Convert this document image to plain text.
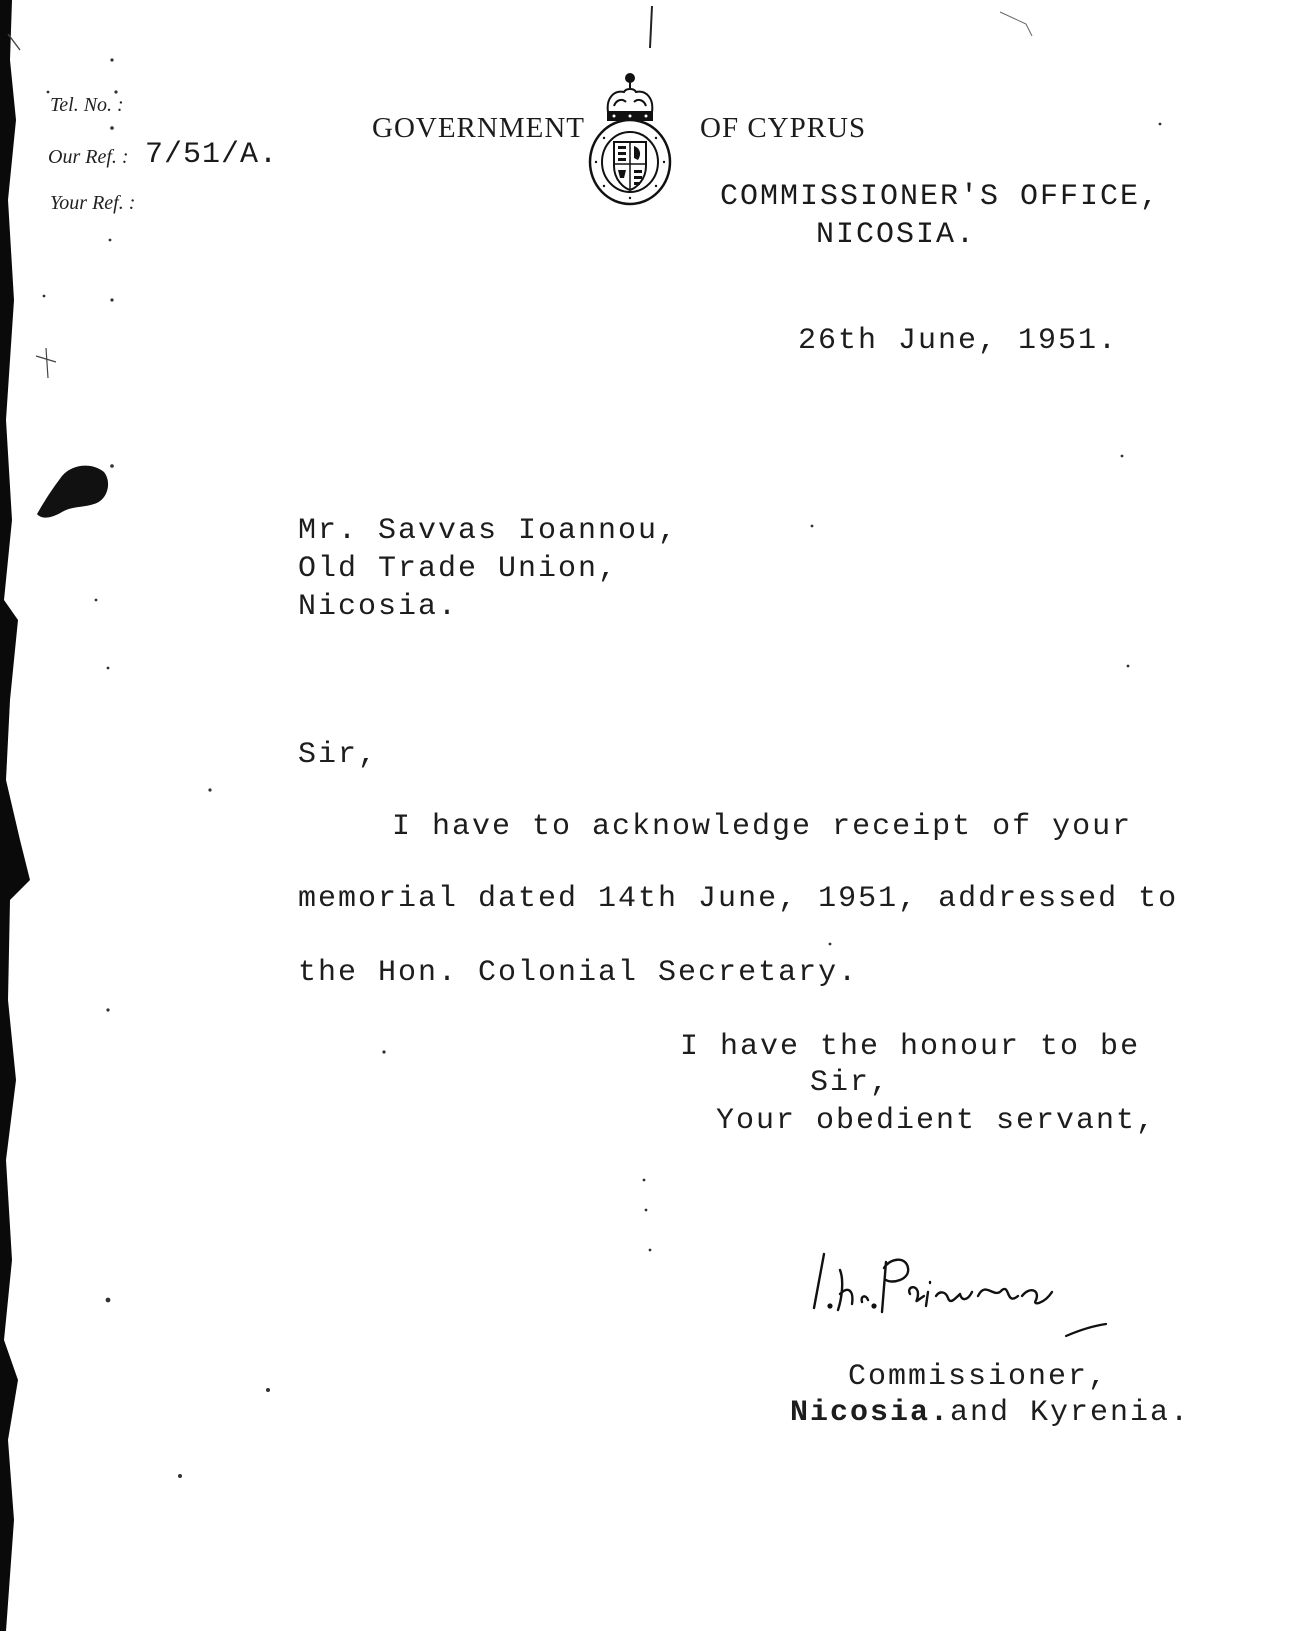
Tel. No. :
Our Ref. : 7/51/A.
Your Ref. :
GOVERNMENT	OF CYPRUS
COMMISSIONER'S OFFICE,
NICOSIA.
26th June, 1951.
Mr. Savvas Ioannou,
Old Trade Union,
Nicosia.
Sir,
I have to acknowledge receipt of your
memorial dated 14th June, 1951, addressed to
the Hon. Colonial Secretary.
I have the honour to be
Sir,
Your obedient servant,
Commissioner,
Nicosia.and Kyrenia.
